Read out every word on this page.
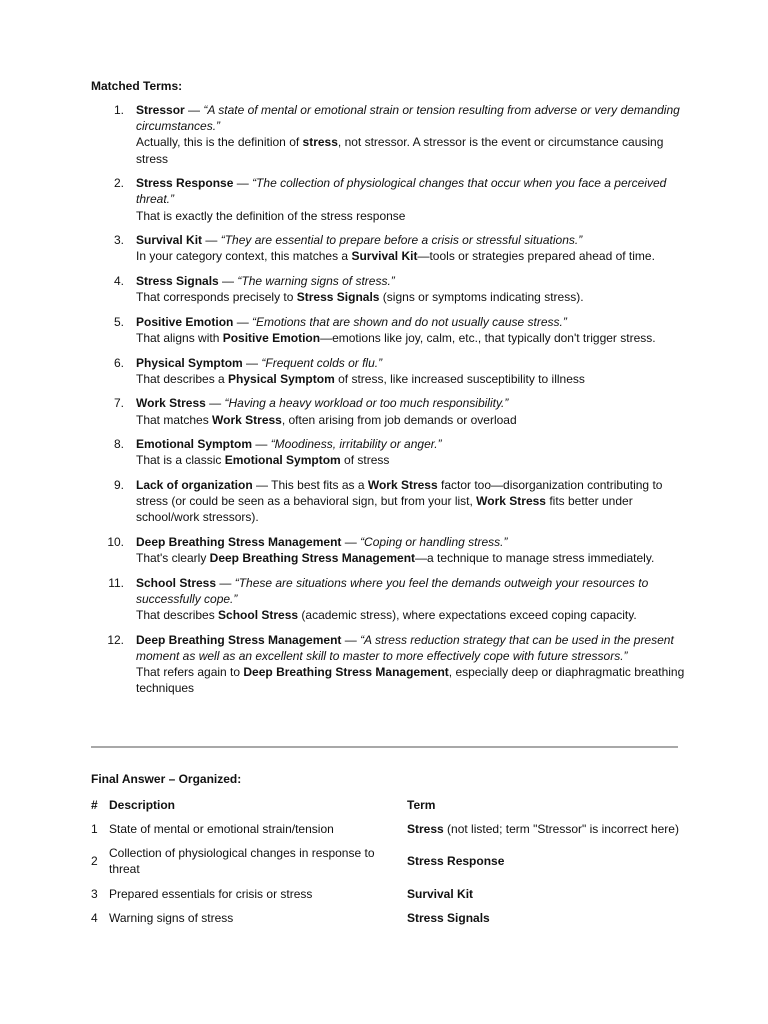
Matched Terms:
1. Stressor — “A state of mental or emotional strain or tension resulting from adverse or very demanding circumstances.”
Actually, this is the definition of stress, not stressor. A stressor is the event or circumstance causing stress
2. Stress Response — “The collection of physiological changes that occur when you face a perceived threat.”
That is exactly the definition of the stress response
3. Survival Kit — “They are essential to prepare before a crisis or stressful situations.”
In your category context, this matches a Survival Kit—tools or strategies prepared ahead of time.
4. Stress Signals — “The warning signs of stress.”
That corresponds precisely to Stress Signals (signs or symptoms indicating stress).
5. Positive Emotion — “Emotions that are shown and do not usually cause stress.”
That aligns with Positive Emotion—emotions like joy, calm, etc., that typically don't trigger stress.
6. Physical Symptom — “Frequent colds or flu.”
That describes a Physical Symptom of stress, like increased susceptibility to illness
7. Work Stress — “Having a heavy workload or too much responsibility.”
That matches Work Stress, often arising from job demands or overload
8. Emotional Symptom — “Moodiness, irritability or anger.”
That is a classic Emotional Symptom of stress
9. Lack of organization — This best fits as a Work Stress factor too—disorganization contributing to stress (or could be seen as a behavioral sign, but from your list, Work Stress fits better under school/work stressors).
10. Deep Breathing Stress Management — “Coping or handling stress.”
That's clearly Deep Breathing Stress Management—a technique to manage stress immediately.
11. School Stress — “These are situations where you feel the demands outweigh your resources to successfully cope.”
That describes School Stress (academic stress), where expectations exceed coping capacity.
12. Deep Breathing Stress Management — “A stress reduction strategy that can be used in the present moment as well as an excellent skill to master to more effectively cope with future stressors.”
That refers again to Deep Breathing Stress Management, especially deep or diaphragmatic breathing techniques
Final Answer – Organized:
#	Description	Term
1	State of mental or emotional strain/tension	Stress (not listed; term "Stressor" is incorrect here)
2	Collection of physiological changes in response to threat	Stress Response
3	Prepared essentials for crisis or stress	Survival Kit
4	Warning signs of stress	Stress Signals
